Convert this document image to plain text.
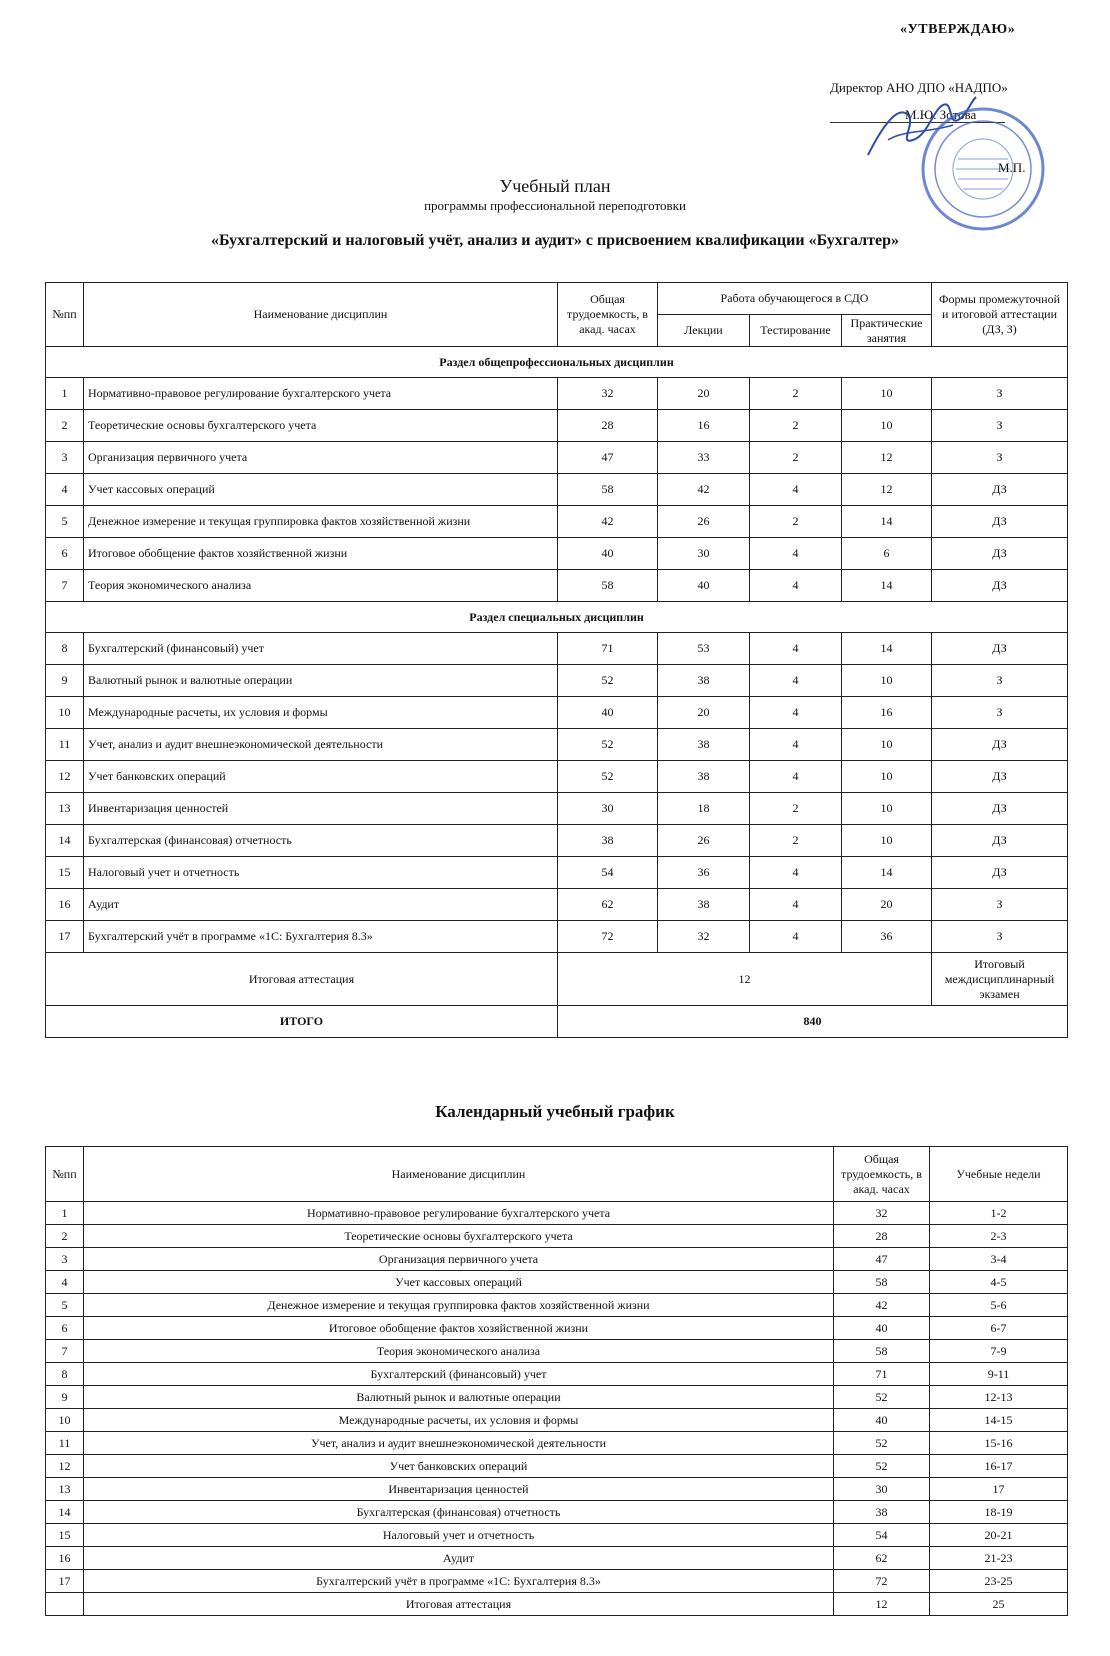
«УТВЕРЖДАЮ»
Директор АНО ДПО «НАДПО»
М.Ю. Зотова
М.П.
Учебный план
программы профессиональной переподготовки
«Бухгалтерский и налоговый учёт, анализ и аудит» с присвоением квалификации «Бухгалтер»
№пп	Наименование дисциплин	Общая трудоемкость, в акад. часах	Работа обучающегося в СДО			Формы промежуточной и итоговой аттестации (ДЗ, З)
			Лекции	Тестирование	Практические занятия	
Раздел общепрофессиональных дисциплин						
1	Нормативно-правовое регулирование бухгалтерского учета	32	20	2	10	З
2	Теоретические основы бухгалтерского учета	28	16	2	10	З
3	Организация первичного учета	47	33	2	12	З
4	Учет кассовых операций	58	42	4	12	ДЗ
5	Денежное измерение и текущая группировка фактов хозяйственной жизни	42	26	2	14	ДЗ
6	Итоговое обобщение фактов хозяйственной жизни	40	30	4	6	ДЗ
7	Теория экономического анализа	58	40	4	14	ДЗ
Раздел специальных дисциплин						
8	Бухгалтерский (финансовый) учет	71	53	4	14	ДЗ
9	Валютный рынок и валютные операции	52	38	4	10	З
10	Международные расчеты, их условия и формы	40	20	4	16	З
11	Учет, анализ и аудит внешнеэкономической деятельности	52	38	4	10	ДЗ
12	Учет банковских операций	52	38	4	10	ДЗ
13	Инвентаризация ценностей	30	18	2	10	ДЗ
14	Бухгалтерская (финансовая) отчетность	38	26	2	10	ДЗ
15	Налоговый учет и отчетность	54	36	4	14	ДЗ
16	Аудит	62	38	4	20	З
17	Бухгалтерский учёт в программе «1С: Бухгалтерия 8.3»	72	32	4	36	З
Итоговая аттестация		12				Итоговый междисциплинарный экзамен
ИТОГО		840				
Календарный учебный график
№пп	Наименование дисциплин	Общая трудоемкость, в акад. часах	Учебные недели
1	Нормативно-правовое регулирование бухгалтерского учета	32	1-2
2	Теоретические основы бухгалтерского учета	28	2-3
3	Организация первичного учета	47	3-4
4	Учет кассовых операций	58	4-5
5	Денежное измерение и текущая группировка фактов хозяйственной жизни	42	5-6
6	Итоговое обобщение фактов хозяйственной жизни	40	6-7
7	Теория экономического анализа	58	7-9
8	Бухгалтерский (финансовый) учет	71	9-11
9	Валютный рынок и валютные операции	52	12-13
10	Международные расчеты, их условия и формы	40	14-15
11	Учет, анализ и аудит внешнеэкономической деятельности	52	15-16
12	Учет банковских операций	52	16-17
13	Инвентаризация ценностей	30	17
14	Бухгалтерская (финансовая) отчетность	38	18-19
15	Налоговый учет и отчетность	54	20-21
16	Аудит	62	21-23
17	Бухгалтерский учёт в программе «1С: Бухгалтерия 8.3»	72	23-25
	Итоговая аттестация	12	25
